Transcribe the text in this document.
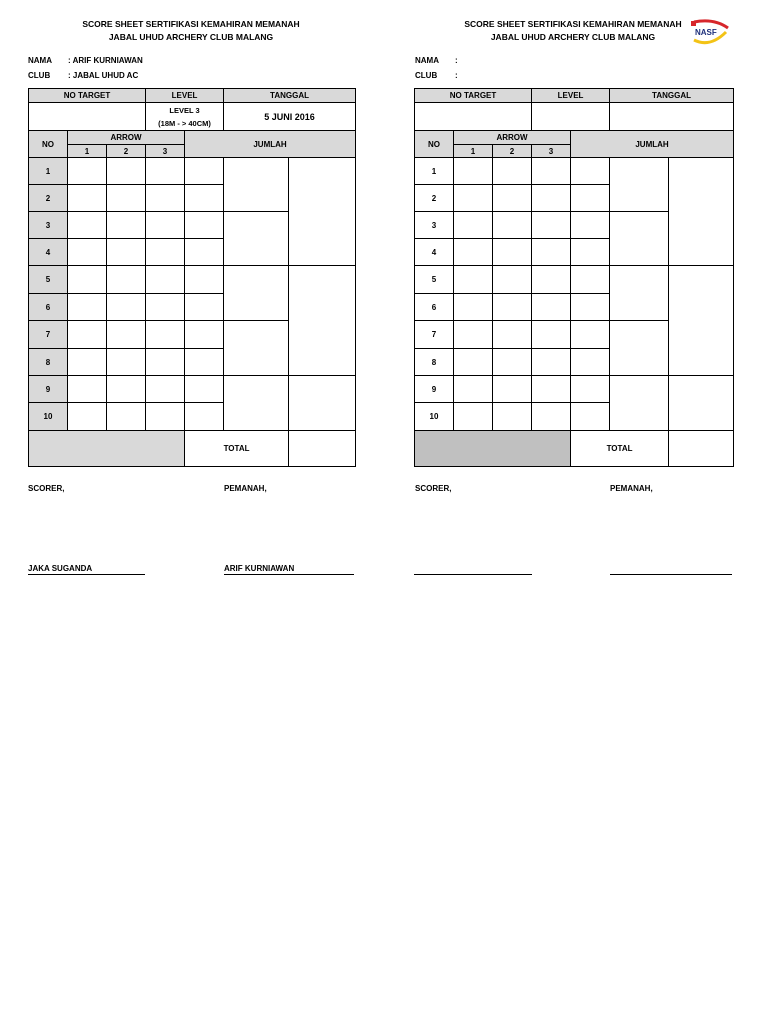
SCORE SHEET SERTIFIKASI KEMAHIRAN MEMANAH
JABAL UHUD ARCHERY CLUB MALANG
NAMA : ARIF KURNIAWAN
CLUB : JABAL UHUD AC
NO TARGET			LEVEL		TANGGAL	

			LEVEL 3
(18M - > 40CM)		5 JUNI 2016	
NO	ARROW			JUMLAH		
	1	2	3			
1						
2						
3						
4						
5						
6						
7						
8						
9						
10						
				TOTAL		
SCORER,	PEMANAH,
JAKA SUGANDA	ARIF KURNIAWAN
SCORE SHEET SERTIFIKASI KEMAHIRAN MEMANAH
JABAL UHUD ARCHERY CLUB MALANG	NASF
NAMA :
CLUB :
NO TARGET			LEVEL		TANGGAL	

NO	ARROW			JUMLAH		
	1	2	3			
1						
2						
3						
4						
5						
6						
7						
8						
9						
10						
				TOTAL		
SCORER,	PEMANAH,
